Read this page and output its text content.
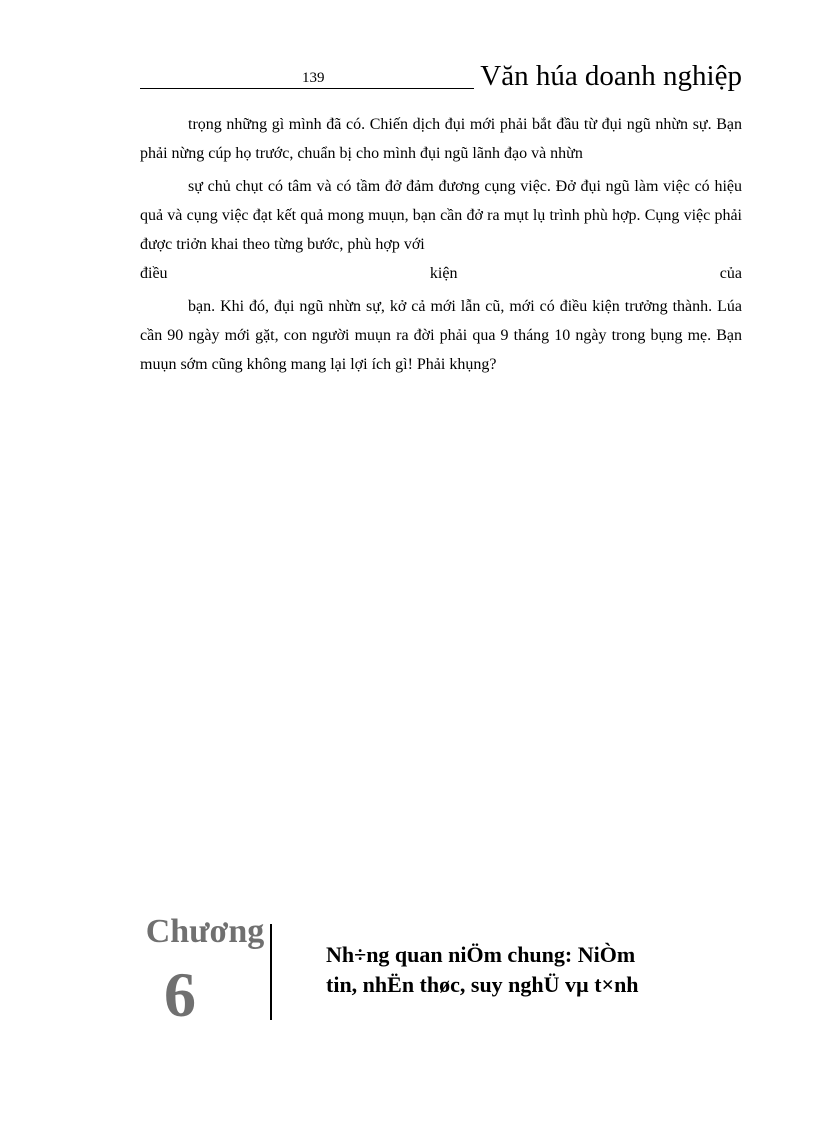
139	Văn húa doanh nghiệp

trọng những gì mình đã có. Chiến dịch đụi mới phải bắt đầu từ đụi ngũ nhừn sự. Bạn phải nừng cúp họ trước, chuẩn bị cho mình đụi ngũ lãnh đạo và nhừn

sự chủ chụt có tâm và có tầm đở đảm đương cụng việc. Đở đụi ngũ làm việc có hiệu quả và cụng việc đạt kết quả mong muụn, bạn cần đở ra mụt lụ trình phù hợp. Cụng việc phải được triởn khai theo từng bước, phù hợp với

điều	kiện	của

bạn. Khi đó, đụi ngũ nhừn sự, kở cả mới lẫn cũ, mới có điều kiện trưởng thành. Lúa cần 90 ngày mới gặt, con người muụn ra đời phải qua 9 tháng 10 ngày trong bụng mẹ. Bạn muụn sớm cũng không mang lại lợi ích gì! Phải khụng?

Chương
6
Nh÷ng quan niÖm chung: NiÒm
tin, nhËn thøc, suy nghÜ vµ t×nh
